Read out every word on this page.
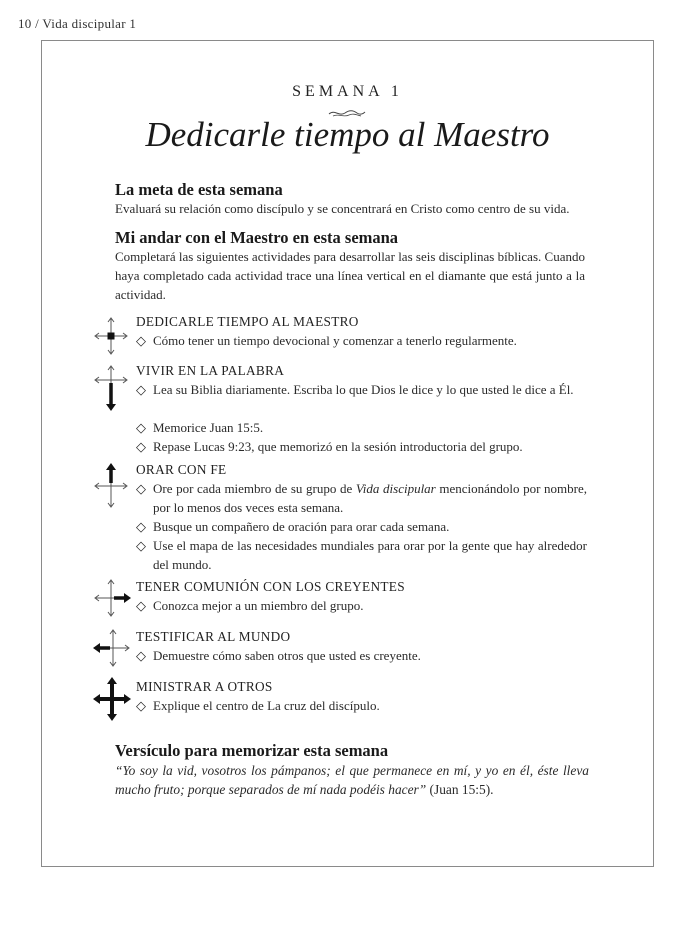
10 / Vida discipular 1
SEMANA 1
Dedicarle tiempo al Maestro
La meta de esta semana
Evaluará su relación como discípulo y se concentrará en Cristo como centro de su vida.
Mi andar con el Maestro en esta semana
Completará las siguientes actividades para desarrollar las seis disciplinas bíblicas. Cuando haya completado cada actividad trace una línea vertical en el diamante que está junto a la actividad.
DEDICARLE TIEMPO AL MAESTRO
◇ Cómo tener un tiempo devocional y comenzar a tenerlo regularmente.
VIVIR EN LA PALABRA
◇ Lea su Biblia diariamente. Escriba lo que Dios le dice y lo que usted le dice a Él.
◇ Memorice Juan 15:5.
◇ Repase Lucas 9:23, que memorizó en la sesión introductoria del grupo.
ORAR CON FE
◇ Ore por cada miembro de su grupo de Vida discipular mencionándolo por nombre, por lo menos dos veces esta semana.
◇ Busque un compañero de oración para orar cada semana.
◇ Use el mapa de las necesidades mundiales para orar por la gente que hay alrededor del mundo.
TENER COMUNIÓN CON LOS CREYENTES
◇ Conozca mejor a un miembro del grupo.
TESTIFICAR AL MUNDO
◇ Demuestre cómo saben otros que usted es creyente.
MINISTRAR A OTROS
◇ Explique el centro de La cruz del discípulo.
Versículo para memorizar esta semana
“Yo soy la vid, vosotros los pámpanos; el que permanece en mí, y yo en él, éste lleva mucho fruto; porque separados de mí nada podéis hacer” (Juan 15:5).
